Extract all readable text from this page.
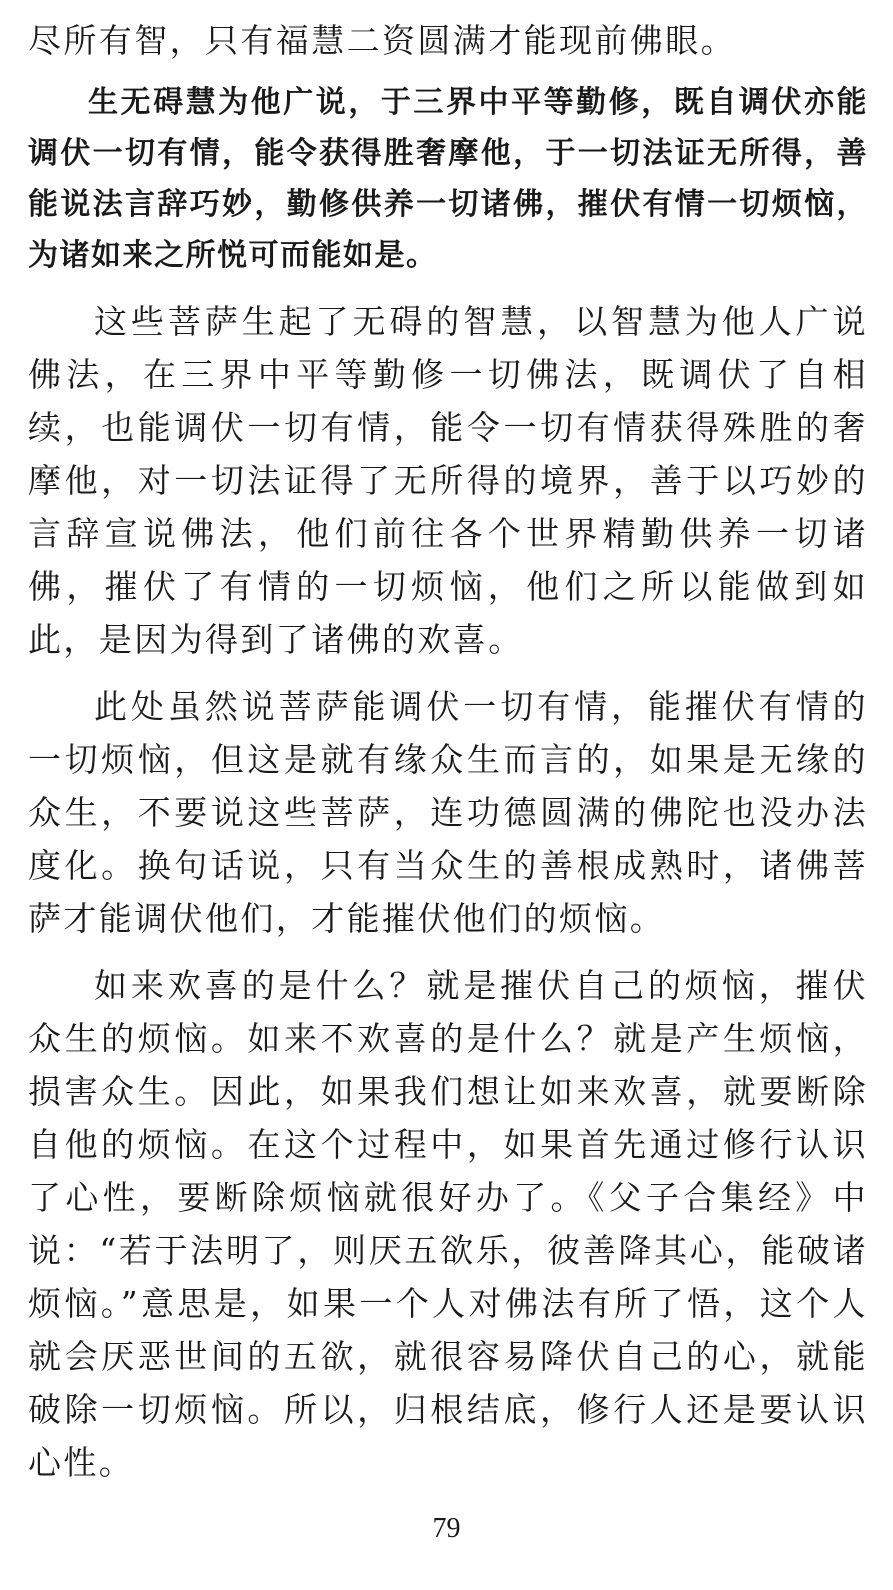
尽所有智，只有福慧二资圆满才能现前佛眼。

生无碍慧为他广说，于三界中平等勤修，既自调伏亦能调伏一切有情，能令获得胜奢摩他，于一切法证无所得，善能说法言辞巧妙，勤修供养一切诸佛，摧伏有情一切烦恼，为诸如来之所悦可而能如是。

这些菩萨生起了无碍的智慧，以智慧为他人广说佛法，在三界中平等勤修一切佛法，既调伏了自相续，也能调伏一切有情，能令一切有情获得殊胜的奢摩他，对一切法证得了无所得的境界，善于以巧妙的言辞宣说佛法，他们前往各个世界精勤供养一切诸佛，摧伏了有情的一切烦恼，他们之所以能做到如此，是因为得到了诸佛的欢喜。

此处虽然说菩萨能调伏一切有情，能摧伏有情的一切烦恼，但这是就有缘众生而言的，如果是无缘的众生，不要说这些菩萨，连功德圆满的佛陀也没办法度化。换句话说，只有当众生的善根成熟时，诸佛菩萨才能调伏他们，才能摧伏他们的烦恼。

如来欢喜的是什么？就是摧伏自己的烦恼，摧伏众生的烦恼。如来不欢喜的是什么？就是产生烦恼，损害众生。因此，如果我们想让如来欢喜，就要断除自他的烦恼。在这个过程中，如果首先通过修行认识了心性，要断除烦恼就很好办了。《父子合集经》中说：“若于法明了，则厌五欲乐，彼善降其心，能破诸烦恼。”意思是，如果一个人对佛法有所了悟，这个人就会厌恶世间的五欲，就很容易降伏自己的心，就能破除一切烦恼。所以，归根结底，修行人还是要认识心性。

79
